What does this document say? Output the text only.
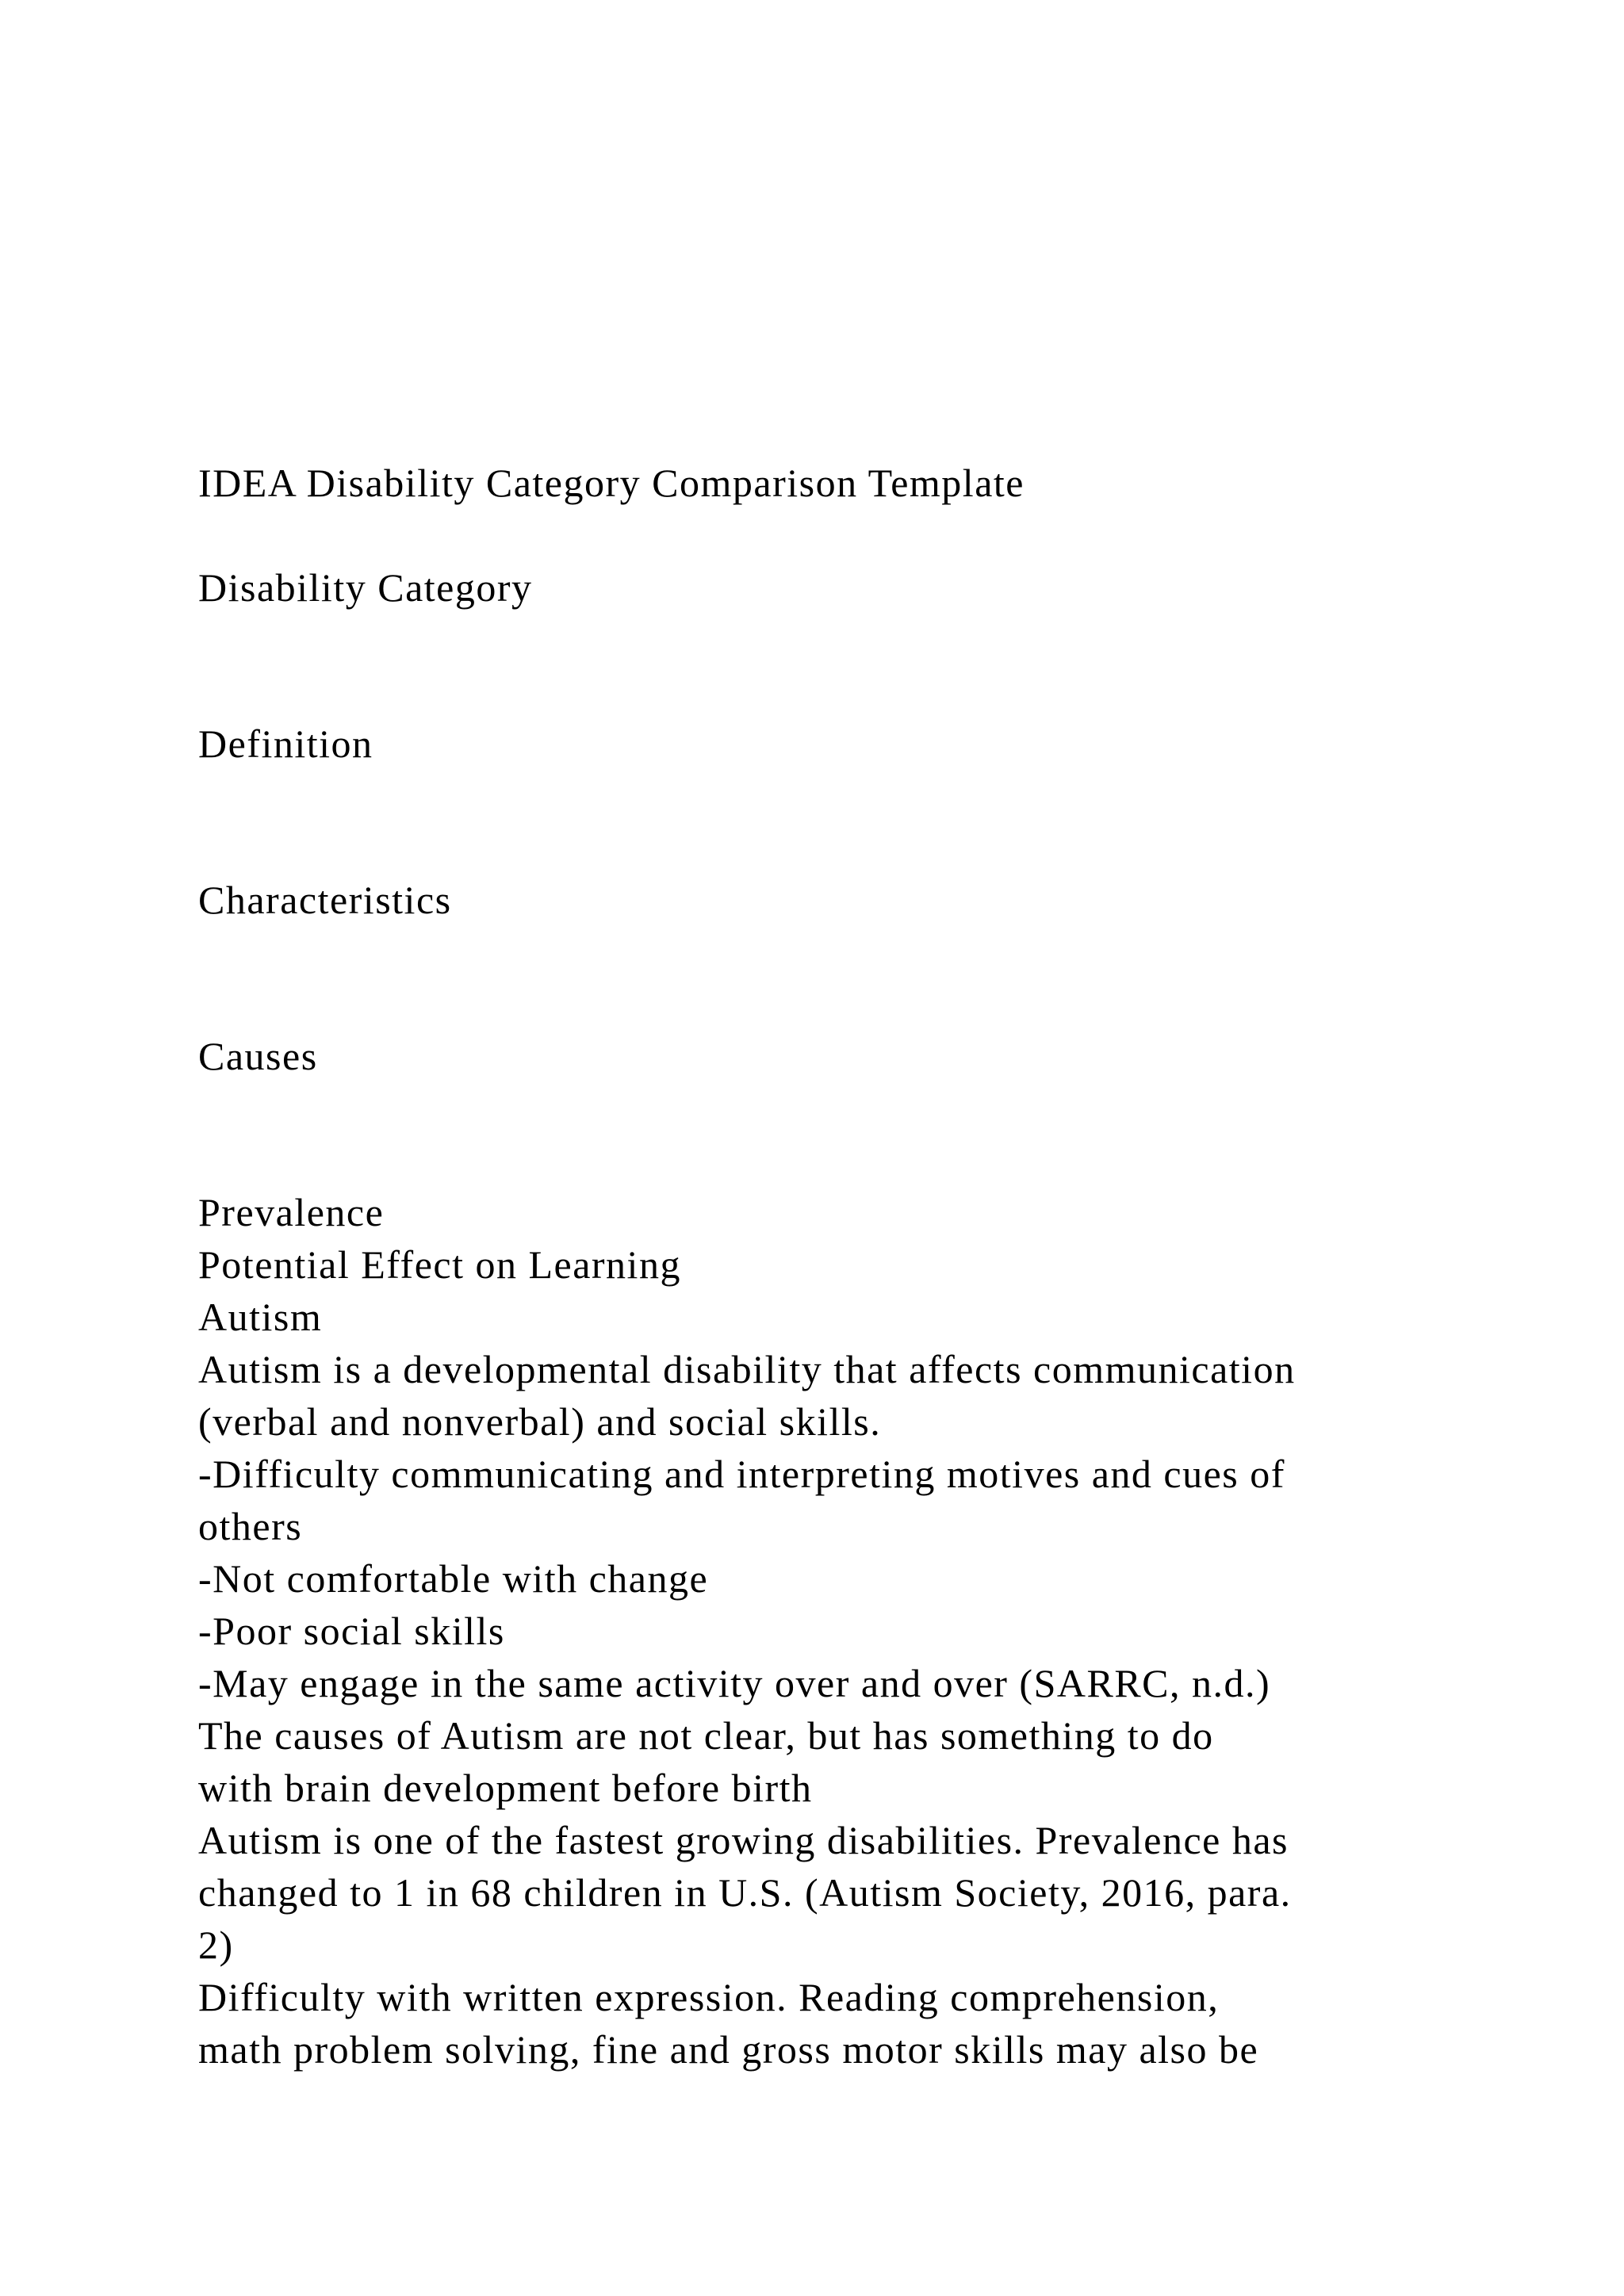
IDEA Disability Category Comparison Template

Disability Category

Definition

Characteristics

Causes

Prevalence

Potential Effect on Learning

Autism

Autism is a developmental disability that affects communication

(verbal and nonverbal) and social skills.

-Difficulty communicating and interpreting motives and cues of

others

-Not comfortable with change

-Poor social skills

-May engage in the same activity over and over (SARRC, n.d.)

The causes of Autism are not clear, but has something to do

with brain development before birth

Autism is one of the fastest growing disabilities. Prevalence has

changed to 1 in 68 children in U.S. (Autism Society, 2016, para.

2)

Difficulty with written expression. Reading comprehension,

math problem solving, fine and gross motor skills may also be
